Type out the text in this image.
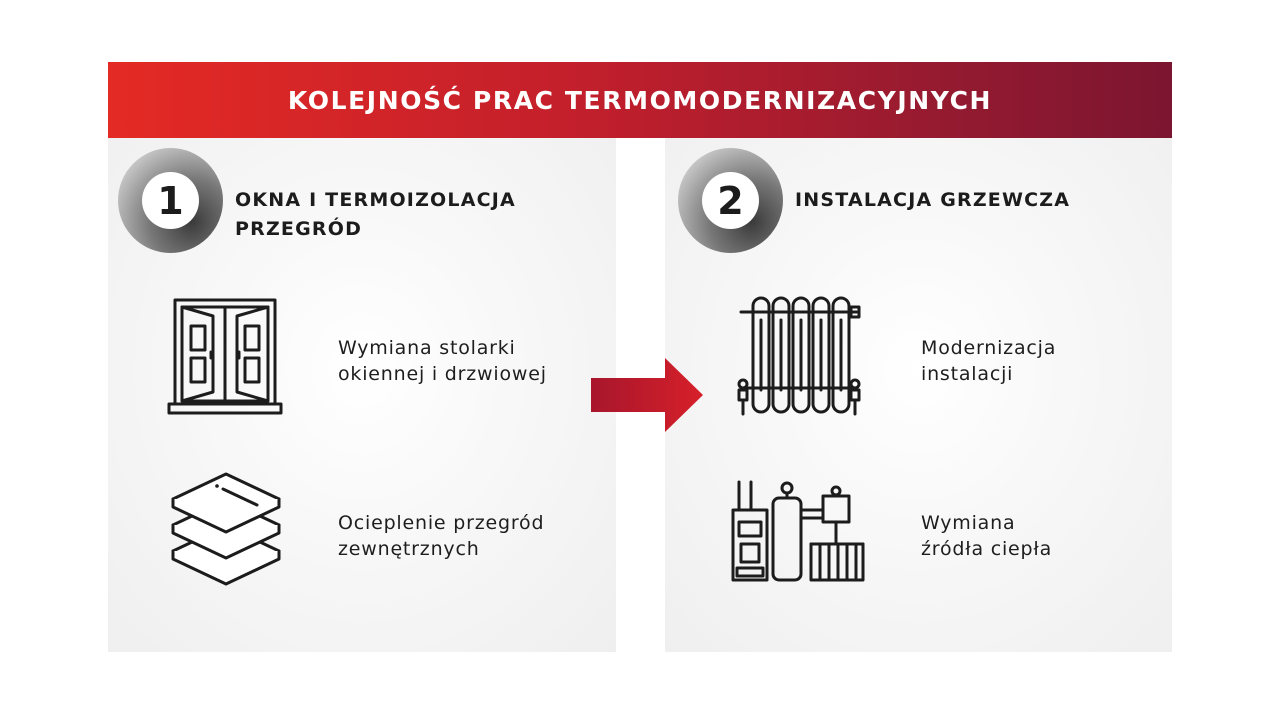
KOLEJNOŚĆ PRAC TERMOMODERNIZACYJNYCH
1	OKNA I TERMOIZOLACJA
PRZEGRÓD
Wymiana stolarki
okiennej i drzwiowej
Ocieplenie przegród
zewnętrznych
2	INSTALACJA GRZEWCZA
Modernizacja
instalacji
Wymiana
źródła ciepła
